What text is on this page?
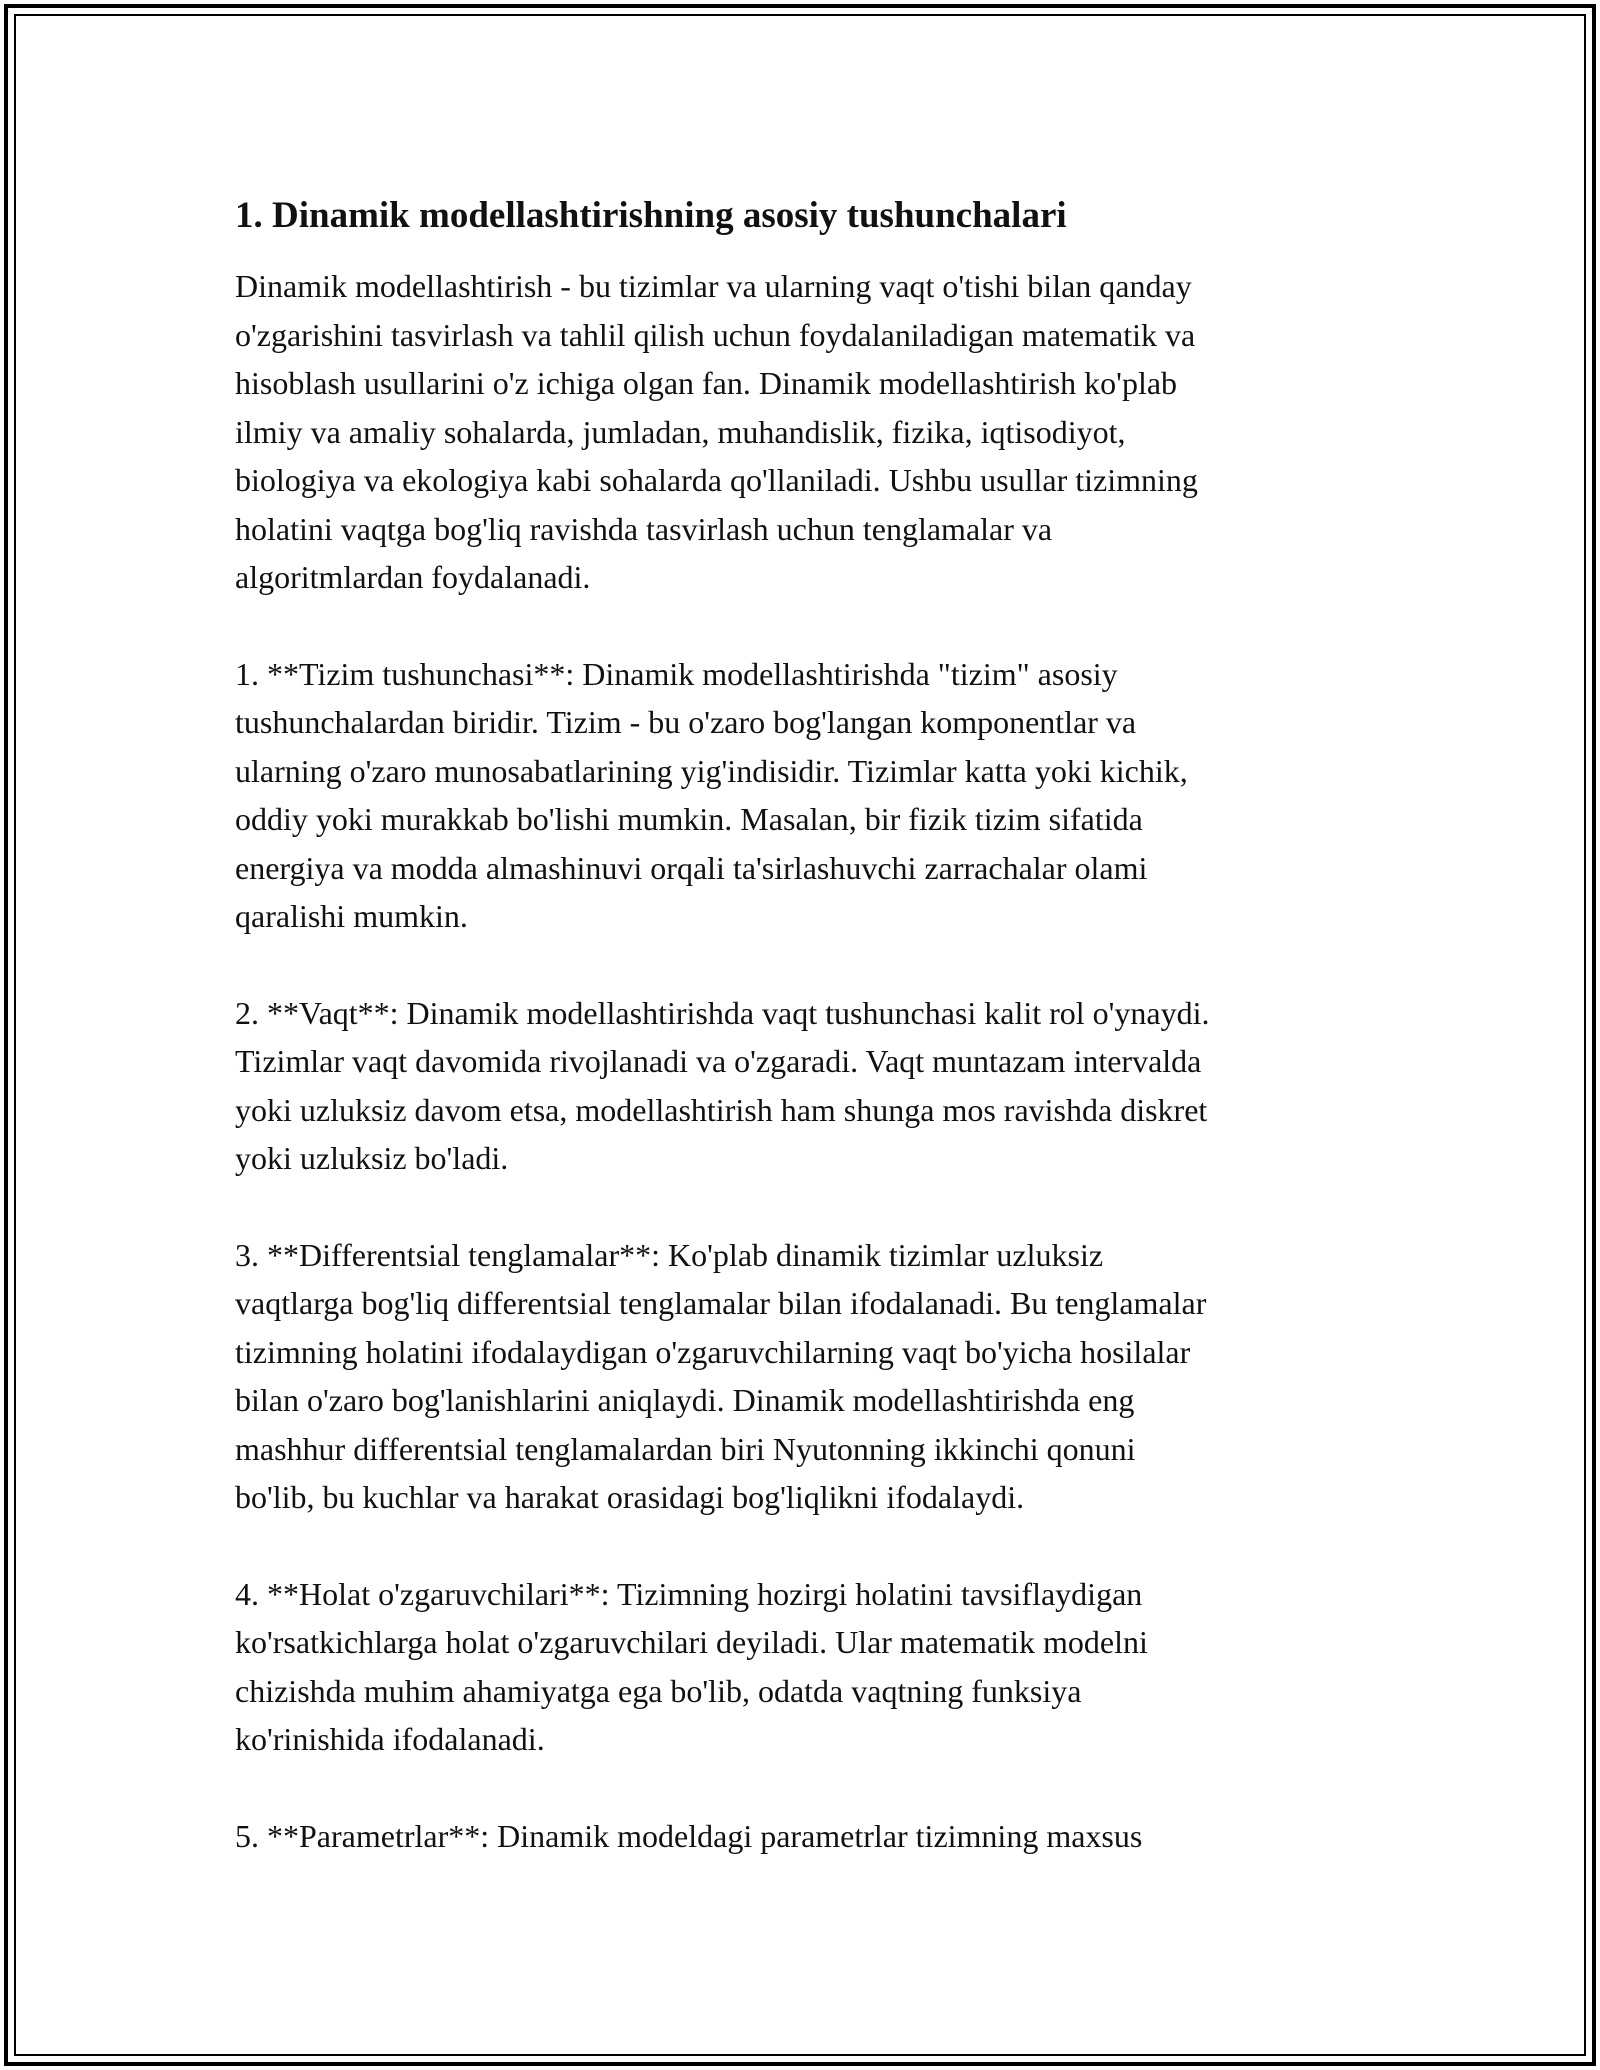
1. Dinamik modellashtirishning asosiy tushunchalari
Dinamik modellashtirish - bu tizimlar va ularning vaqt o'tishi bilan qanday
o'zgarishini tasvirlash va tahlil qilish uchun foydalaniladigan matematik va
hisoblash usullarini o'z ichiga olgan fan. Dinamik modellashtirish ko'plab
ilmiy va amaliy sohalarda, jumladan, muhandislik, fizika, iqtisodiyot,
biologiya va ekologiya kabi sohalarda qo'llaniladi. Ushbu usullar tizimning
holatini vaqtga bog'liq ravishda tasvirlash uchun tenglamalar va
algoritmlardan foydalanadi.
1. **Tizim tushunchasi**: Dinamik modellashtirishda "tizim" asosiy
tushunchalardan biridir. Tizim - bu o'zaro bog'langan komponentlar va
ularning o'zaro munosabatlarining yig'indisidir. Tizimlar katta yoki kichik,
oddiy yoki murakkab bo'lishi mumkin. Masalan, bir fizik tizim sifatida
energiya va modda almashinuvi orqali ta'sirlashuvchi zarrachalar olami
qaralishi mumkin.
2. **Vaqt**: Dinamik modellashtirishda vaqt tushunchasi kalit rol o'ynaydi.
Tizimlar vaqt davomida rivojlanadi va o'zgaradi. Vaqt muntazam intervalda
yoki uzluksiz davom etsa, modellashtirish ham shunga mos ravishda diskret
yoki uzluksiz bo'ladi.
3. **Differentsial tenglamalar**: Ko'plab dinamik tizimlar uzluksiz
vaqtlarga bog'liq differentsial tenglamalar bilan ifodalanadi. Bu tenglamalar
tizimning holatini ifodalaydigan o'zgaruvchilarning vaqt bo'yicha hosilalar
bilan o'zaro bog'lanishlarini aniqlaydi. Dinamik modellashtirishda eng
mashhur differentsial tenglamalardan biri Nyutonning ikkinchi qonuni
bo'lib, bu kuchlar va harakat orasidagi bog'liqlikni ifodalaydi.
4. **Holat o'zgaruvchilari**: Tizimning hozirgi holatini tavsiflaydigan
ko'rsatkichlarga holat o'zgaruvchilari deyiladi. Ular matematik modelni
chizishda muhim ahamiyatga ega bo'lib, odatda vaqtning funksiya
ko'rinishida ifodalanadi.
5. **Parametrlar**: Dinamik modeldagi parametrlar tizimning maxsus
